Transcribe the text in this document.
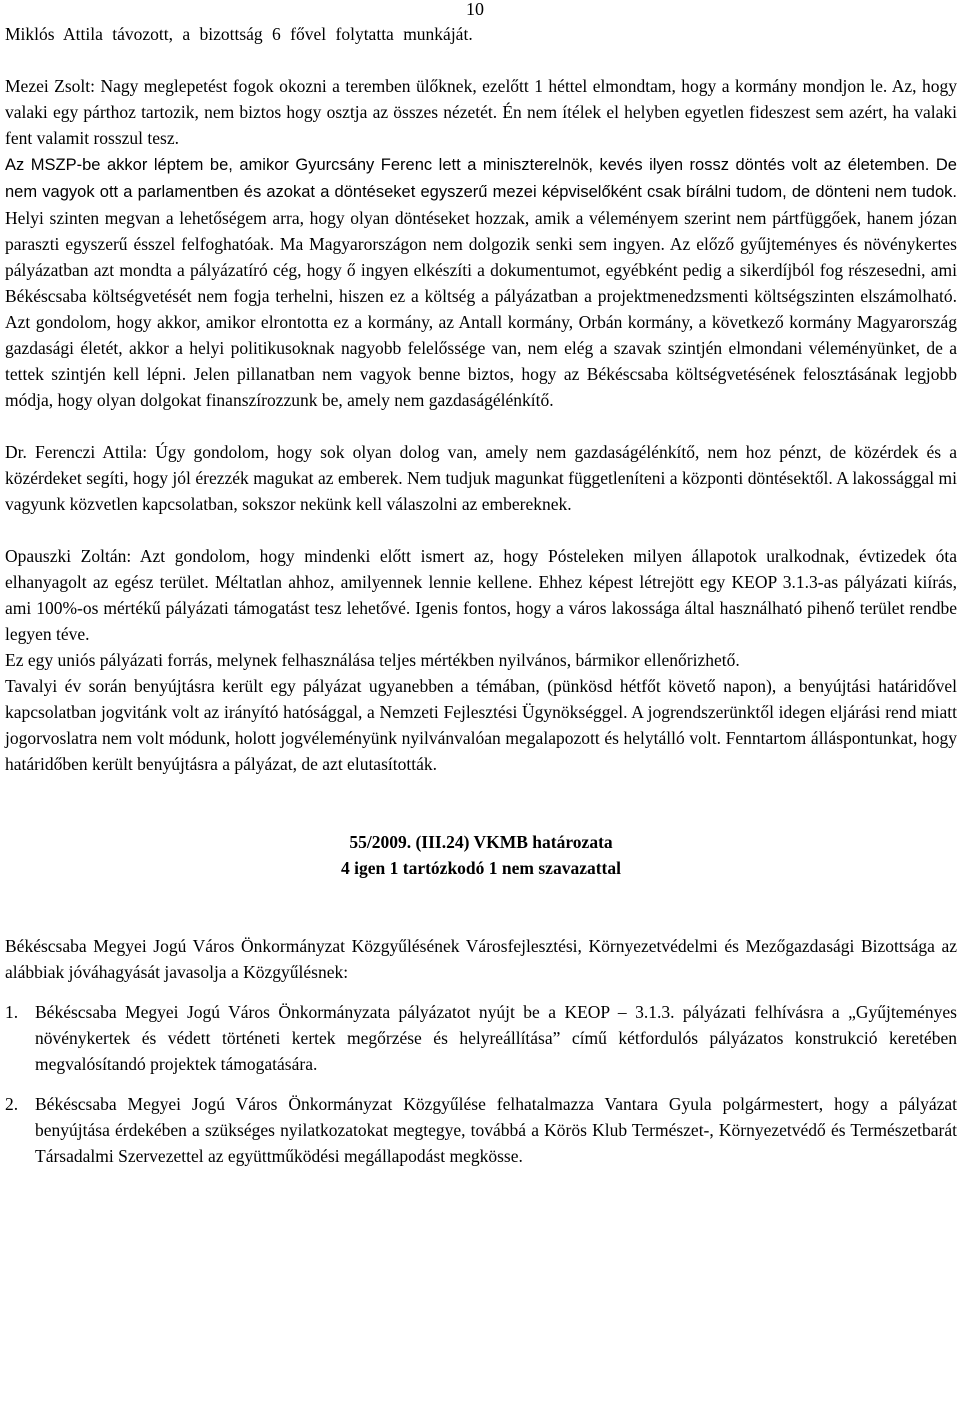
10

Miklós Attila távozott, a bizottság 6 fővel folytatta munkáját.

Mezei Zsolt: Nagy meglepetést fogok okozni a teremben ülőknek, ezelőtt 1 héttel elmondtam, hogy a kormány mondjon le. Az, hogy valaki egy párthoz tartozik, nem biztos hogy osztja az összes nézetét. Én nem ítélek el helyben egyetlen fideszest sem azért, ha valaki fent valamit rosszul tesz.
Az MSZP-be akkor léptem be, amikor Gyurcsány Ferenc lett a miniszterelnök, kevés ilyen rossz döntés volt az életemben. De nem vagyok ott a parlamentben és azokat a döntéseket egyszerű mezei képviselőként csak bírálni tudom, de dönteni nem tudok. Helyi szinten megvan a lehetőségem arra, hogy olyan döntéseket hozzak, amik a véleményem szerint nem pártfüggőek, hanem józan paraszti egyszerű ésszel felfoghatóak. Ma Magyarországon nem dolgozik senki sem ingyen. Az előző gyűjteményes és növénykertes pályázatban azt mondta a pályázatíró cég, hogy ő ingyen elkészíti a dokumentumot, egyébként pedig a sikerdíjból fog részesedni, ami Békéscsaba költségvetését nem fogja terhelni, hiszen ez a költség a pályázatban a projektmenedzsmenti költségszinten elszámolható. Azt gondolom, hogy akkor, amikor elrontotta ez a kormány, az Antall kormány, Orbán kormány, a következő kormány Magyarország gazdasági életét, akkor a helyi politikusoknak nagyobb felelőssége van, nem elég a szavak szintjén elmondani véleményünket, de a tettek szintjén kell lépni. Jelen pillanatban nem vagyok benne biztos, hogy az Békéscsaba költségvetésének felosztásának legjobb módja, hogy olyan dolgokat finanszírozzunk be, amely nem gazdaságélénkítő.

Dr. Ferenczi Attila: Úgy gondolom, hogy sok olyan dolog van, amely nem gazdaságélénkítő, nem hoz pénzt, de közérdek és a közérdeket segíti, hogy jól érezzék magukat az emberek. Nem tudjuk magunkat függetleníteni a központi döntésektől. A lakossággal mi vagyunk közvetlen kapcsolatban, sokszor nekünk kell válaszolni az embereknek.

Opauszki Zoltán: Azt gondolom, hogy mindenki előtt ismert az, hogy Pósteleken milyen állapotok uralkodnak, évtizedek óta elhanyagolt az egész terület. Méltatlan ahhoz, amilyennek lennie kellene. Ehhez képest létrejött egy KEOP 3.1.3-as pályázati kiírás, ami 100%-os mértékű pályázati támogatást tesz lehetővé. Igenis fontos, hogy a város lakossága által használható pihenő terület rendbe legyen téve.

Ez egy uniós pályázati forrás, melynek felhasználása teljes mértékben nyilvános, bármikor ellenőrizhető.

Tavalyi év során benyújtásra került egy pályázat ugyanebben a témában, (pünkösd hétfőt követő napon), a benyújtási határidővel kapcsolatban jogvitánk volt az irányító hatósággal, a Nemzeti Fejlesztési Ügynökséggel. A jogrendszerünktől idegen eljárási rend miatt jogorvoslatra nem volt módunk, holott jogvéleményünk nyilvánvalóan megalapozott és helytálló volt. Fenntartom álláspontunkat, hogy határidőben került benyújtásra a pályázat, de azt elutasították.

55/2009. (III.24) VKMB határozata

4 igen 1 tartózkodó 1 nem szavazattal

Békéscsaba Megyei Jogú Város Önkormányzat Közgyűlésének Városfejlesztési, Környezetvédelmi és Mezőgazdasági Bizottsága az alábbiak jóváhagyását javasolja a Közgyűlésnek:

1. Békéscsaba Megyei Jogú Város Önkormányzata pályázatot nyújt be a KEOP – 3.1.3. pályázati felhívásra a „Gyűjteményes növénykertek és védett történeti kertek megőrzése és helyreállítása” című kétfordulós pályázatos konstrukció keretében megvalósítandó projektek támogatására.
2. Békéscsaba Megyei Jogú Város Önkormányzat Közgyűlése felhatalmazza Vantara Gyula polgármestert, hogy a pályázat benyújtása érdekében a szükséges nyilatkozatokat megtegye, továbbá a Körös Klub Természet-, Környezetvédő és Természetbarát Társadalmi Szervezettel az együttműködési megállapodást megkösse.
